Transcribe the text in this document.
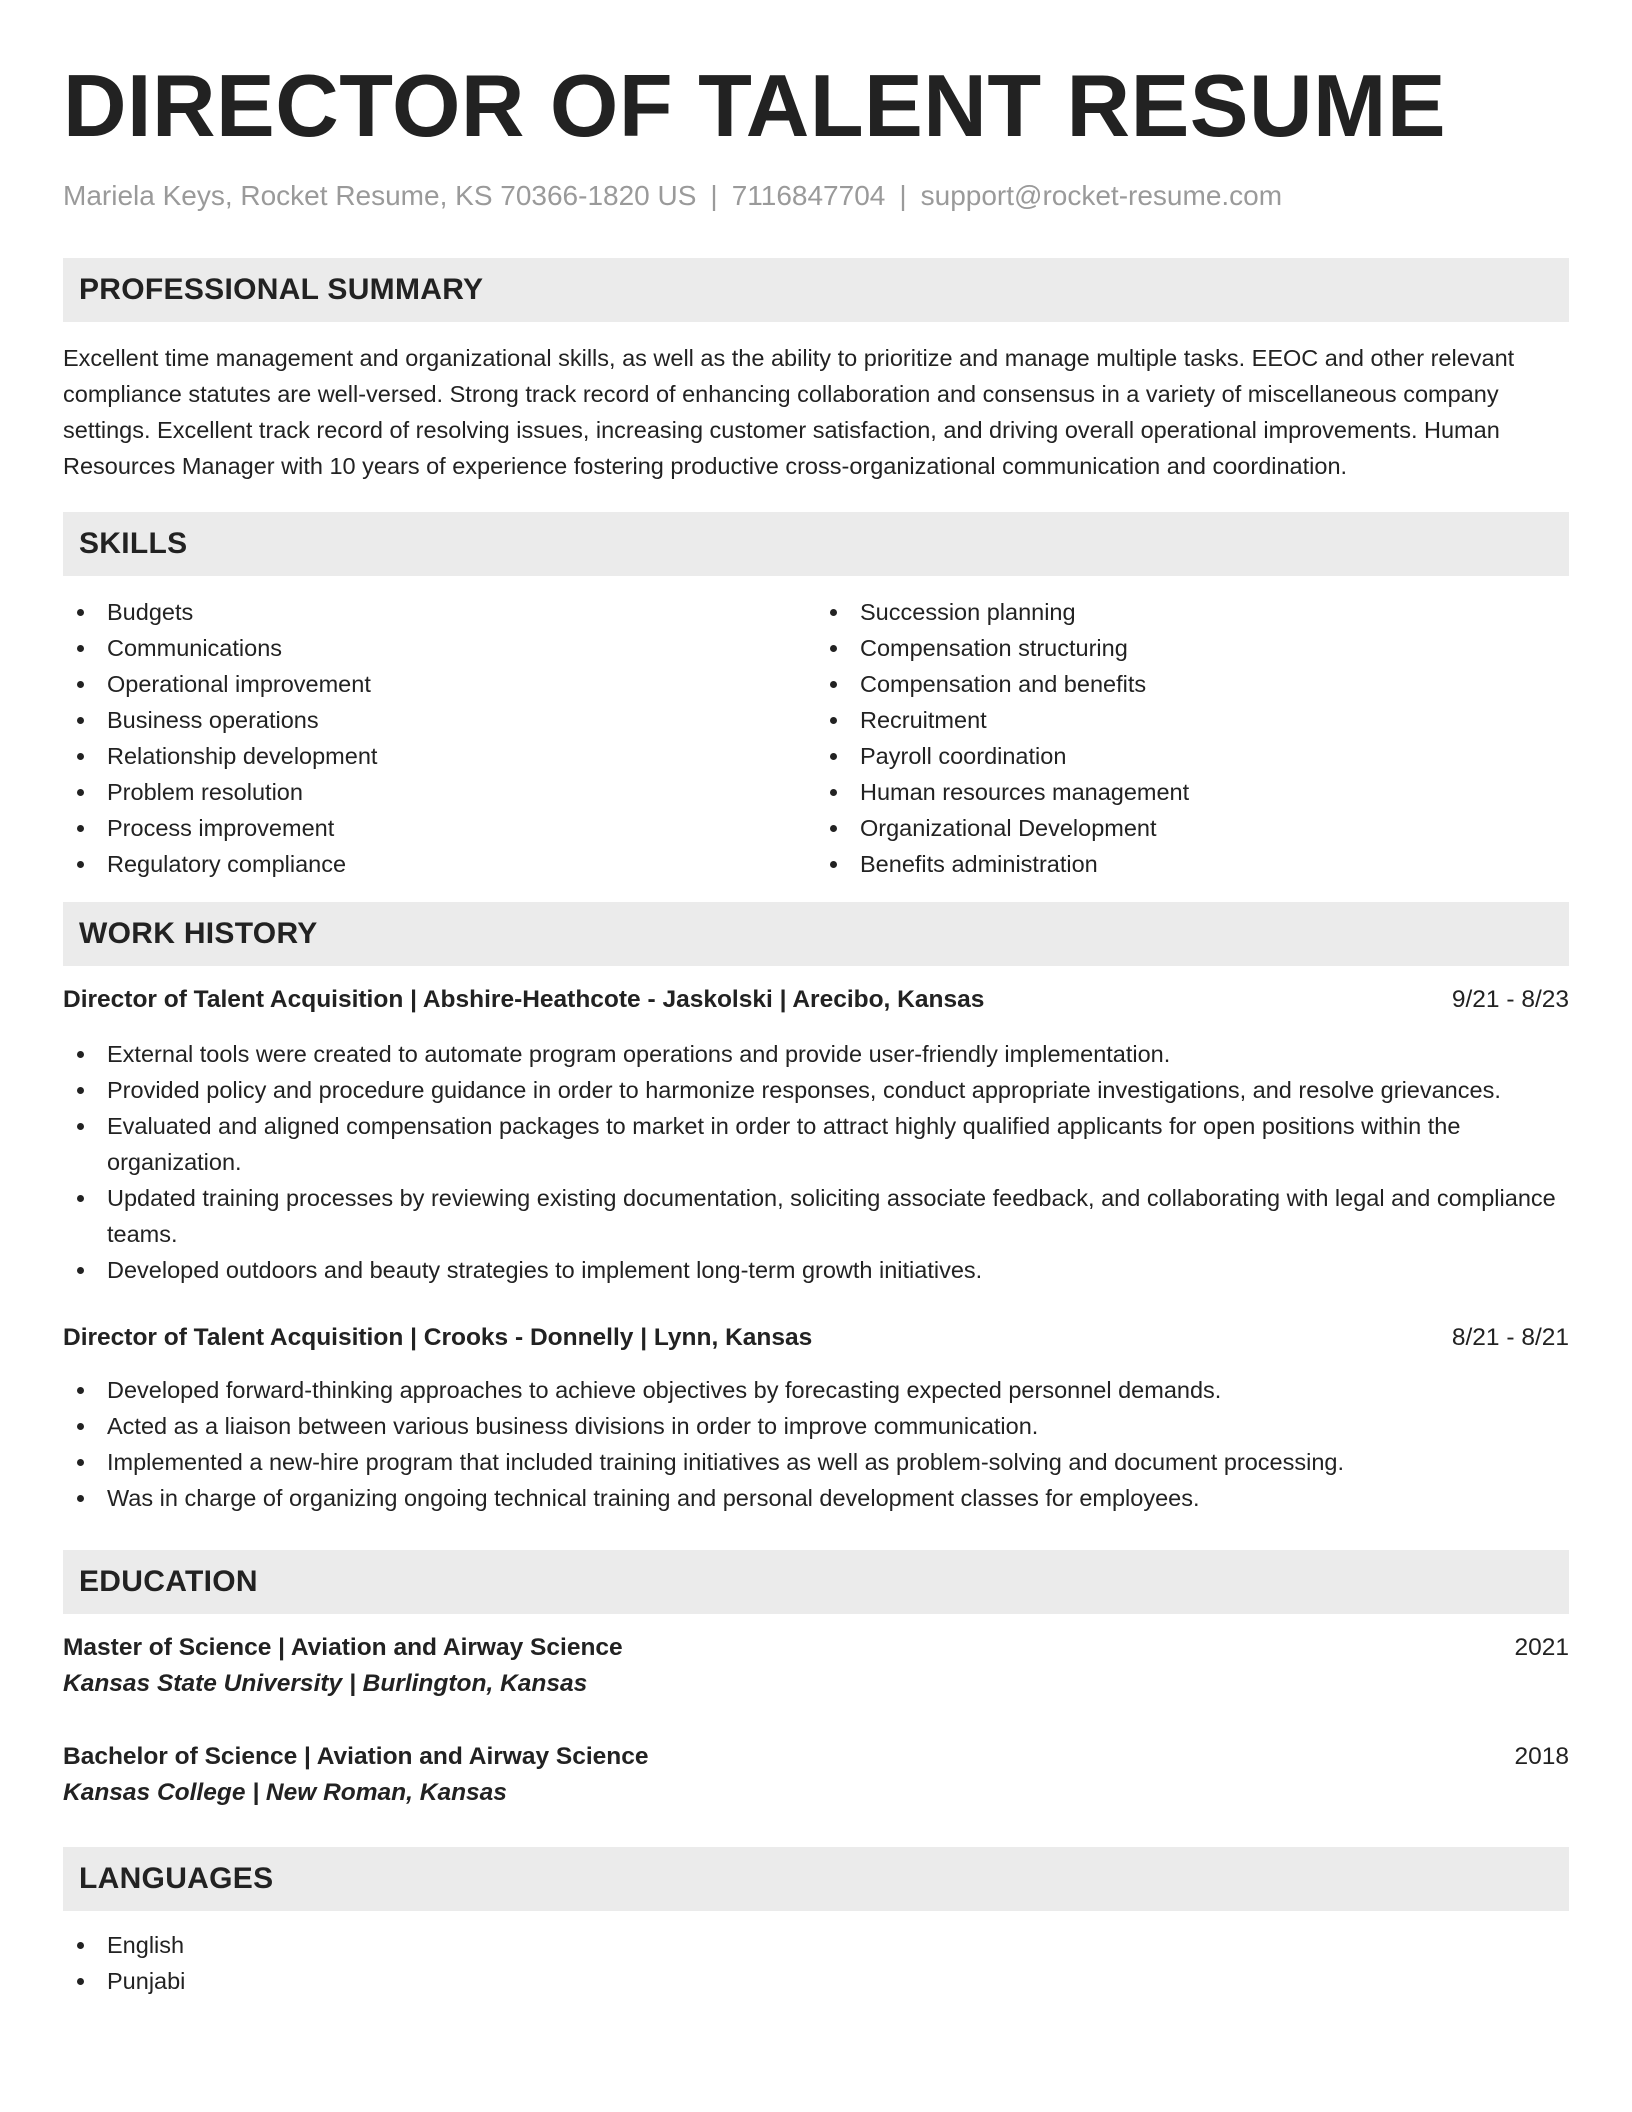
DIRECTOR OF TALENT RESUME
Mariela Keys, Rocket Resume, KS 70366-1820 US | 7116847704 | support@rocket-resume.com
PROFESSIONAL SUMMARY

Excellent time management and organizational skills, as well as the ability to prioritize and manage multiple tasks. EEOC and other relevant compliance statutes are well-versed. Strong track record of enhancing collaboration and consensus in a variety of miscellaneous company settings. Excellent track record of resolving issues, increasing customer satisfaction, and driving overall operational improvements. Human Resources Manager with 10 years of experience fostering productive cross-organizational communication and coordination.

SKILLS
Budgets
Communications
Operational improvement
Business operations
Relationship development
Problem resolution
Process improvement
Regulatory compliance
Succession planning
Compensation structuring
Compensation and benefits
Recruitment
Payroll coordination
Human resources management
Organizational Development
Benefits administration
WORK HISTORY
Director of Talent Acquisition | Abshire-Heathcote - Jaskolski | Arecibo, Kansas	9/21 - 8/23
External tools were created to automate program operations and provide user-friendly implementation.
Provided policy and procedure guidance in order to harmonize responses, conduct appropriate investigations, and resolve grievances.
Evaluated and aligned compensation packages to market in order to attract highly qualified applicants for open positions within the organization.
Updated training processes by reviewing existing documentation, soliciting associate feedback, and collaborating with legal and compliance teams.
Developed outdoors and beauty strategies to implement long-term growth initiatives.
Director of Talent Acquisition | Crooks - Donnelly | Lynn, Kansas	8/21 - 8/21
Developed forward-thinking approaches to achieve objectives by forecasting expected personnel demands.
Acted as a liaison between various business divisions in order to improve communication.
Implemented a new-hire program that included training initiatives as well as problem-solving and document processing.
Was in charge of organizing ongoing technical training and personal development classes for employees.
EDUCATION
Master of Science | Aviation and Airway Science	2021
Kansas State University | Burlington, Kansas
Bachelor of Science | Aviation and Airway Science	2018
Kansas College | New Roman, Kansas
LANGUAGES
English
Punjabi
